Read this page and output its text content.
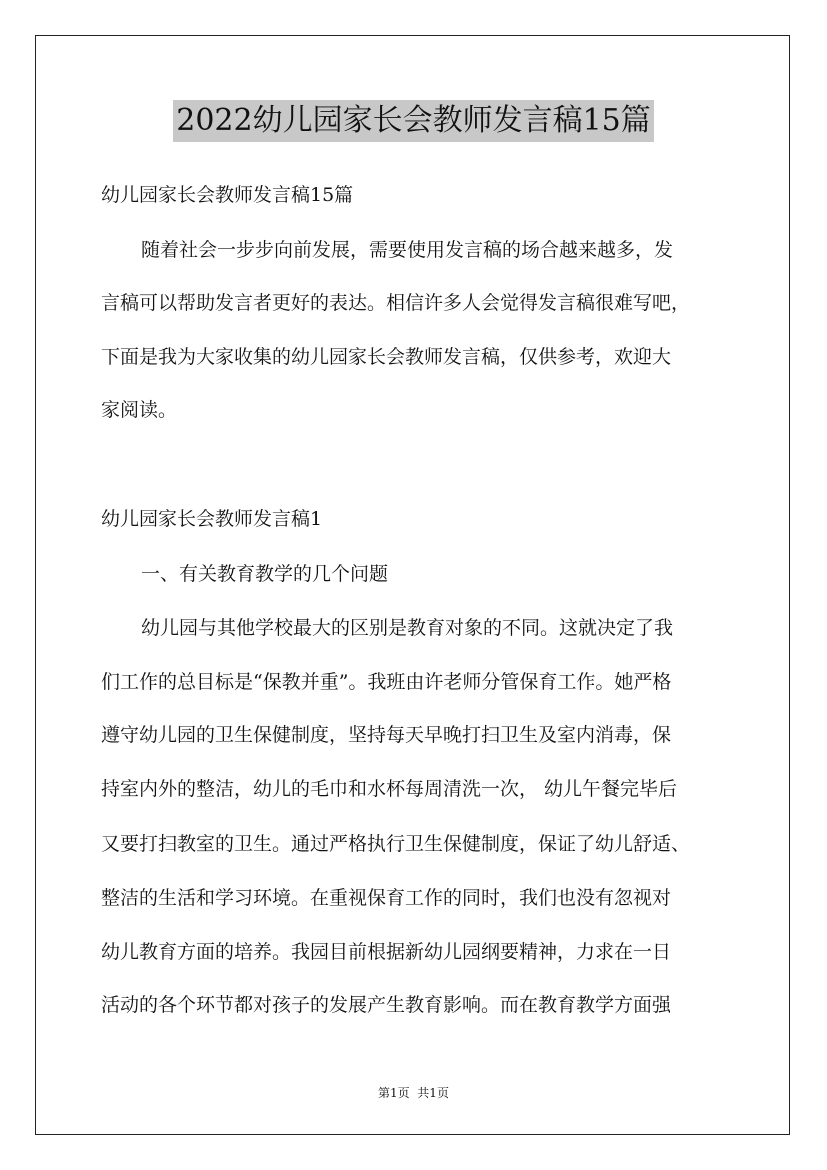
2022幼儿园家长会教师发言稿15篇
幼儿园家长会教师发言稿15篇
随着社会一步步向前发展，需要使用发言稿的场合越来越多，发
言稿可以帮助发言者更好的表达。相信许多人会觉得发言稿很难写吧，
下面是我为大家收集的幼儿园家长会教师发言稿，仅供参考，欢迎大
家阅读。
幼儿园家长会教师发言稿1
一、有关教育教学的几个问题
幼儿园与其他学校最大的区别是教育对象的不同。这就决定了我
们工作的总目标是“保教并重”。我班由许老师分管保育工作。她严格
遵守幼儿园的卫生保健制度，坚持每天早晚打扫卫生及室内消毒，保
持室内外的整洁，幼儿的毛巾和水杯每周清洗一次， 幼儿午餐完毕后
又要打扫教室的卫生。通过严格执行卫生保健制度，保证了幼儿舒适、
整洁的生活和学习环境。在重视保育工作的同时，我们也没有忽视对
幼儿教育方面的培养。我园目前根据新幼儿园纲要精神，力求在一日
活动的各个环节都对孩子的发展产生教育影响。而在教育教学方面强
第1页  共1页
